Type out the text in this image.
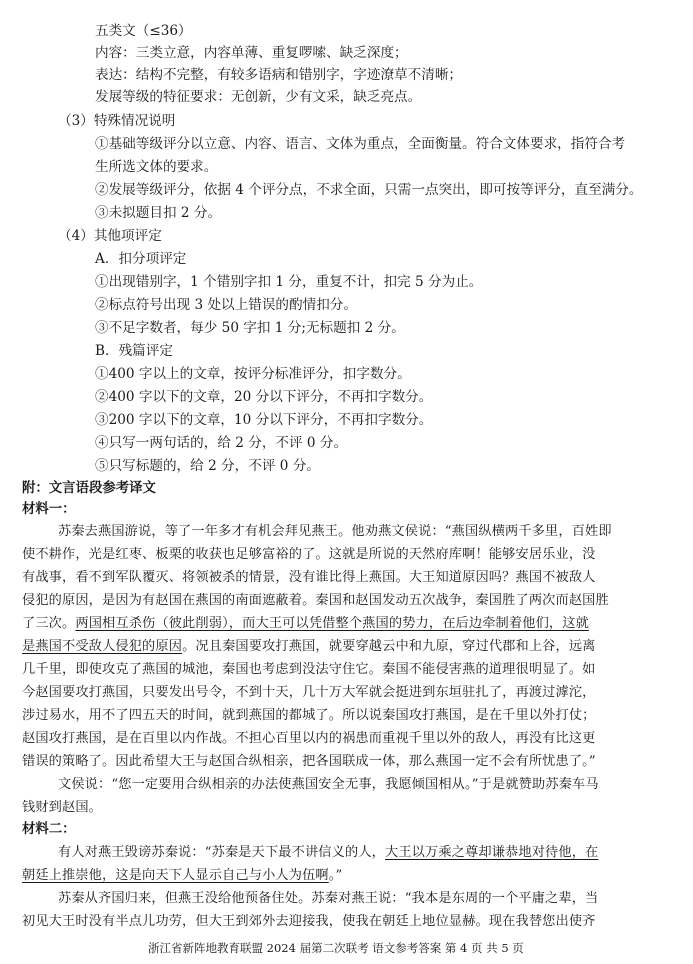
五类文（≤36）
内容：三类立意，内容单薄、重复啰嗦、缺乏深度；
表达：结构不完整，有较多语病和错别字，字迹潦草不清晰；
发展等级的特征要求：无创新，少有文采，缺乏亮点。
（3）特殊情况说明
①基础等级评分以立意、内容、语言、文体为重点，全面衡量。符合文体要求，指符合考
生所选文体的要求。
②发展等级评分，依据 4 个评分点，不求全面，只需一点突出，即可按等评分，直至满分。
③未拟题目扣 2 分。
（4）其他项评定
A．扣分项评定
①出现错别字，1 个错别字扣 1 分，重复不计，扣完 5 分为止。
②标点符号出现 3 处以上错误的酌情扣分。
③不足字数者，每少 50 字扣 1 分;无标题扣 2 分。
B．残篇评定
①400 字以上的文章，按评分标准评分，扣字数分。
②400 字以下的文章，20 分以下评分，不再扣字数分。
③200 字以下的文章，10 分以下评分，不再扣字数分。
④只写一两句话的，给 2 分，不评 0 分。
⑤只写标题的，给 2 分，不评 0 分。
附：文言语段参考译文
材料一：
苏秦去燕国游说，等了一年多才有机会拜见燕王。他劝燕文侯说：“燕国纵横两千多里，百姓即
使不耕作，光是红枣、板栗的收获也足够富裕的了。这就是所说的天然府库啊！能够安居乐业，没
有战事，看不到军队覆灭、将领被杀的情景，没有谁比得上燕国。大王知道原因吗？燕国不被敌人
侵犯的原因，是因为有赵国在燕国的南面遮蔽着。秦国和赵国发动五次战争，秦国胜了两次而赵国胜
了三次。两国相互杀伤（彼此削弱），而大王可以凭借整个燕国的势力，在后边牵制着他们，这就
是燕国不受敌人侵犯的原因。况且秦国要攻打燕国，就要穿越云中和九原，穿过代郡和上谷，远离
几千里，即使攻克了燕国的城池，秦国也考虑到没法守住它。秦国不能侵害燕的道理很明显了。如
今赵国要攻打燕国，只要发出号令，不到十天，几十万大军就会挺进到东垣驻扎了，再渡过滹沱，
涉过易水，用不了四五天的时间，就到燕国的都城了。所以说秦国攻打燕国，是在千里以外打仗；
赵国攻打燕国，是在百里以内作战。不担心百里以内的祸患而重视千里以外的敌人，再没有比这更
错误的策略了。因此希望大王与赵国合纵相亲，把各国联成一体，那么燕国一定不会有所忧患了。”
文侯说：“您一定要用合纵相亲的办法使燕国安全无事，我愿倾国相从。”于是就赞助苏秦车马
钱财到赵国。
材料二：
有人对燕王毁谤苏秦说：“苏秦是天下最不讲信义的人，大王以万乘之尊却谦恭地对待他，在
朝廷上推崇他，这是向天下人显示自己与小人为伍啊。”
苏秦从齐国归来，但燕王没给他预备住处。苏秦对燕王说：“我本是东周的一个平庸之辈，当
初见大王时没有半点儿功劳，但大王到郊外去迎接我，使我在朝廷上地位显赫。现在我替您出使齐
浙江省新阵地教育联盟 2024 届第二次联考 语文参考答案 第 4 页 共 5 页
